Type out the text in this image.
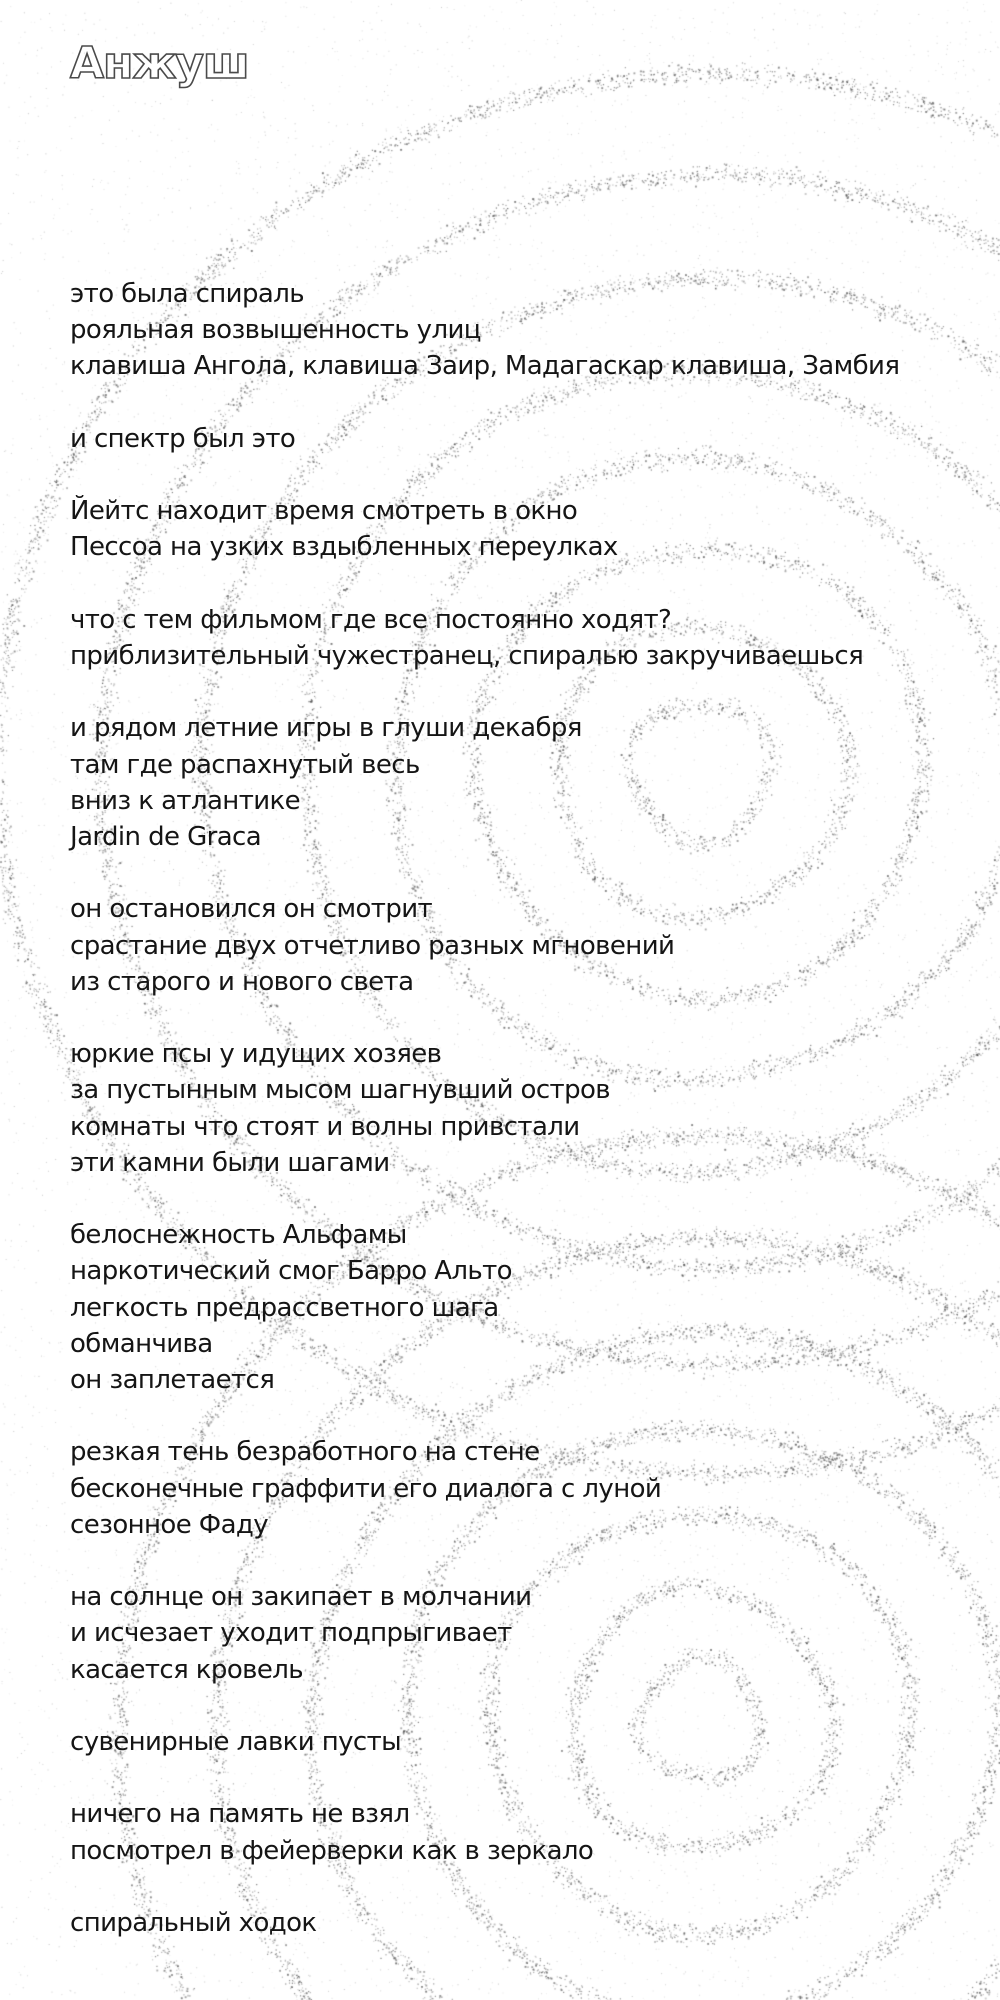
Анжуш
это была спираль
рояльная возвышенность улиц
клавиша Ангола, клавиша Заир, Мадагаскар клавиша, Замбия
и спектр был это
Йейтс находит время смотреть в окно
Пессоа на узких вздыбленных переулках
что с тем фильмом где все постоянно ходят?
приблизительный чужестранец, спиралью закручиваешься
и рядом летние игры в глуши декабря
там где распахнутый весь
вниз к атлантике
Jardin de Graca
он остановился он смотрит
срастание двух отчетливо разных мгновений
из старого и нового света
юркие псы у идущих хозяев
за пустынным мысом шагнувший остров
комнаты что стоят и волны привстали
эти камни были шагами
белоснежность Альфамы
наркотический смог Барро Альто
легкость предрассветного шага
обманчива
он заплетается
резкая тень безработного на стене
бесконечные граффити его диалога с луной
сезонное Фаду
на солнце он закипает в молчании
и исчезает уходит подпрыгивает
касается кровель
сувенирные лавки пусты
ничего на память не взял
посмотрел в фейерверки как в зеркало
спиральный ходок
